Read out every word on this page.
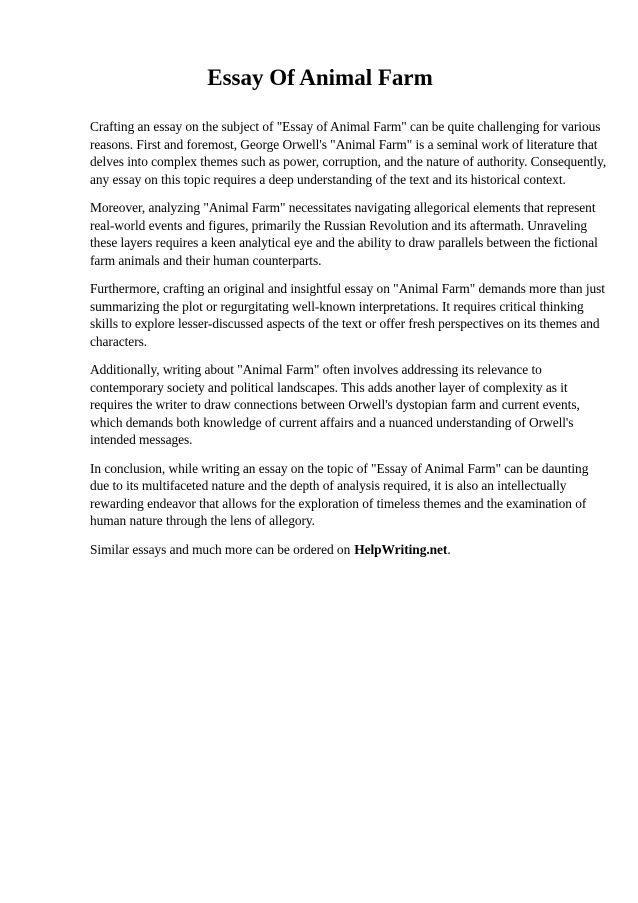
Essay Of Animal Farm

Crafting an essay on the subject of "Essay of Animal Farm" can be quite challenging for various reasons. First and foremost, George Orwell's "Animal Farm" is a seminal work of literature that delves into complex themes such as power, corruption, and the nature of authority. Consequently, any essay on this topic requires a deep understanding of the text and its historical context.

Moreover, analyzing "Animal Farm" necessitates navigating allegorical elements that represent real-world events and figures, primarily the Russian Revolution and its aftermath. Unraveling these layers requires a keen analytical eye and the ability to draw parallels between the fictional farm animals and their human counterparts.

Furthermore, crafting an original and insightful essay on "Animal Farm" demands more than just summarizing the plot or regurgitating well-known interpretations. It requires critical thinking skills to explore lesser-discussed aspects of the text or offer fresh perspectives on its themes and characters.

Additionally, writing about "Animal Farm" often involves addressing its relevance to contemporary society and political landscapes. This adds another layer of complexity as it requires the writer to draw connections between Orwell's dystopian farm and current events, which demands both knowledge of current affairs and a nuanced understanding of Orwell's intended messages.

In conclusion, while writing an essay on the topic of "Essay of Animal Farm" can be daunting due to its multifaceted nature and the depth of analysis required, it is also an intellectually rewarding endeavor that allows for the exploration of timeless themes and the examination of human nature through the lens of allegory.

Similar essays and much more can be ordered on HelpWriting.net.
